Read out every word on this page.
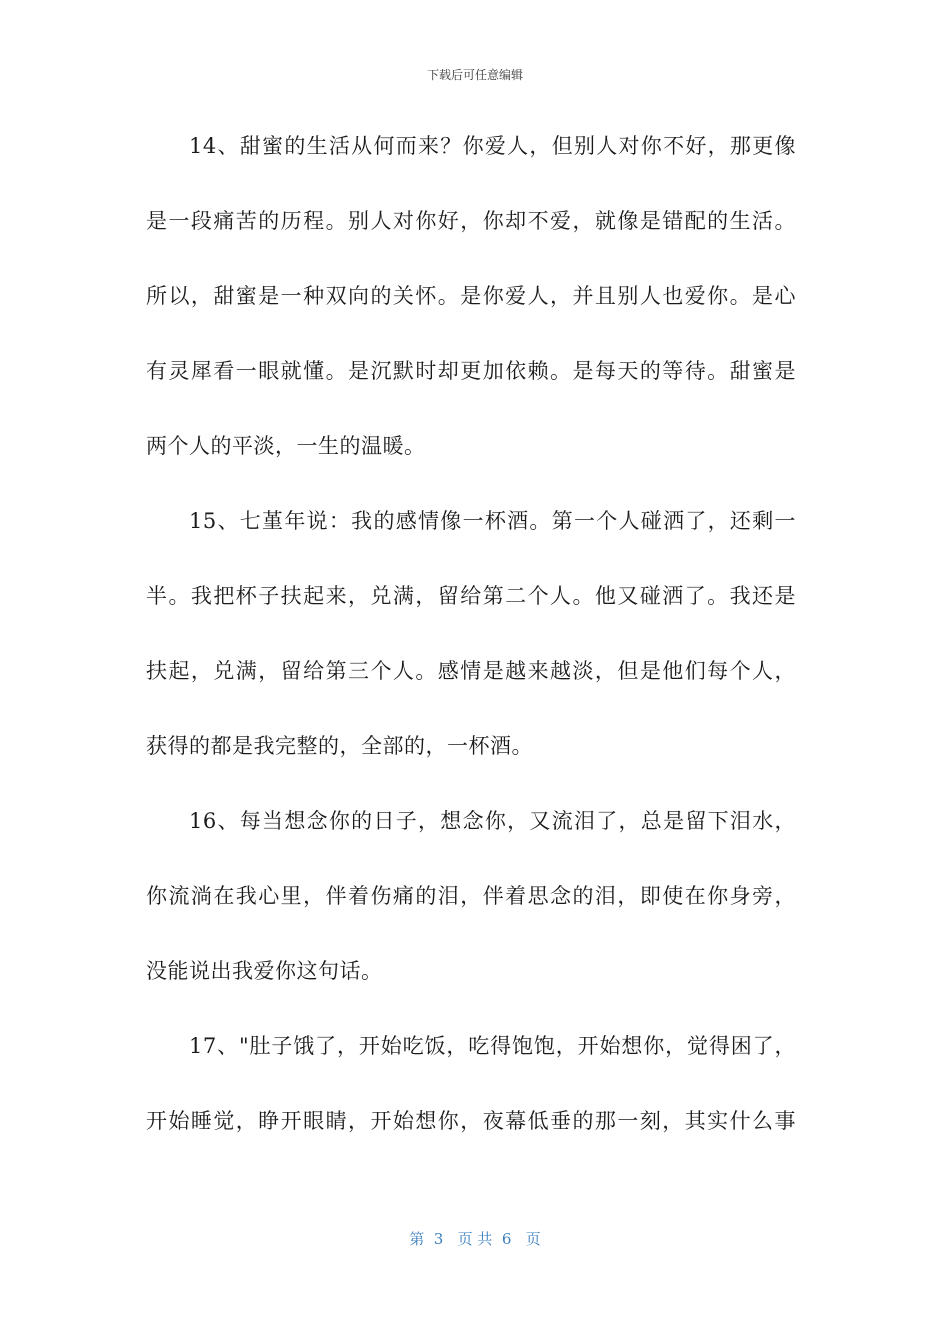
下载后可任意编辑
14、甜蜜的生活从何而来？你爱人，但别人对你不好，那更像
是一段痛苦的历程。别人对你好，你却不爱，就像是错配的生活。
所以，甜蜜是一种双向的关怀。是你爱人，并且别人也爱你。是心
有灵犀看一眼就懂。是沉默时却更加依赖。是每天的等待。甜蜜是
两个人的平淡，一生的温暖。
15、七堇年说：我的感情像一杯酒。第一个人碰洒了，还剩一
半。我把杯子扶起来，兑满，留给第二个人。他又碰洒了。我还是
扶起，兑满，留给第三个人。感情是越来越淡，但是他们每个人，
获得的都是我完整的，全部的，一杯酒。
16、每当想念你的日子，想念你，又流泪了，总是留下泪水，
你流淌在我心里，伴着伤痛的泪，伴着思念的泪，即使在你身旁，
没能说出我爱你这句话。
17、"肚子饿了，开始吃饭，吃得饱饱，开始想你，觉得困了，
开始睡觉，睁开眼睛，开始想你，夜幕低垂的那一刻，其实什么事
第  3   页 共  6   页
